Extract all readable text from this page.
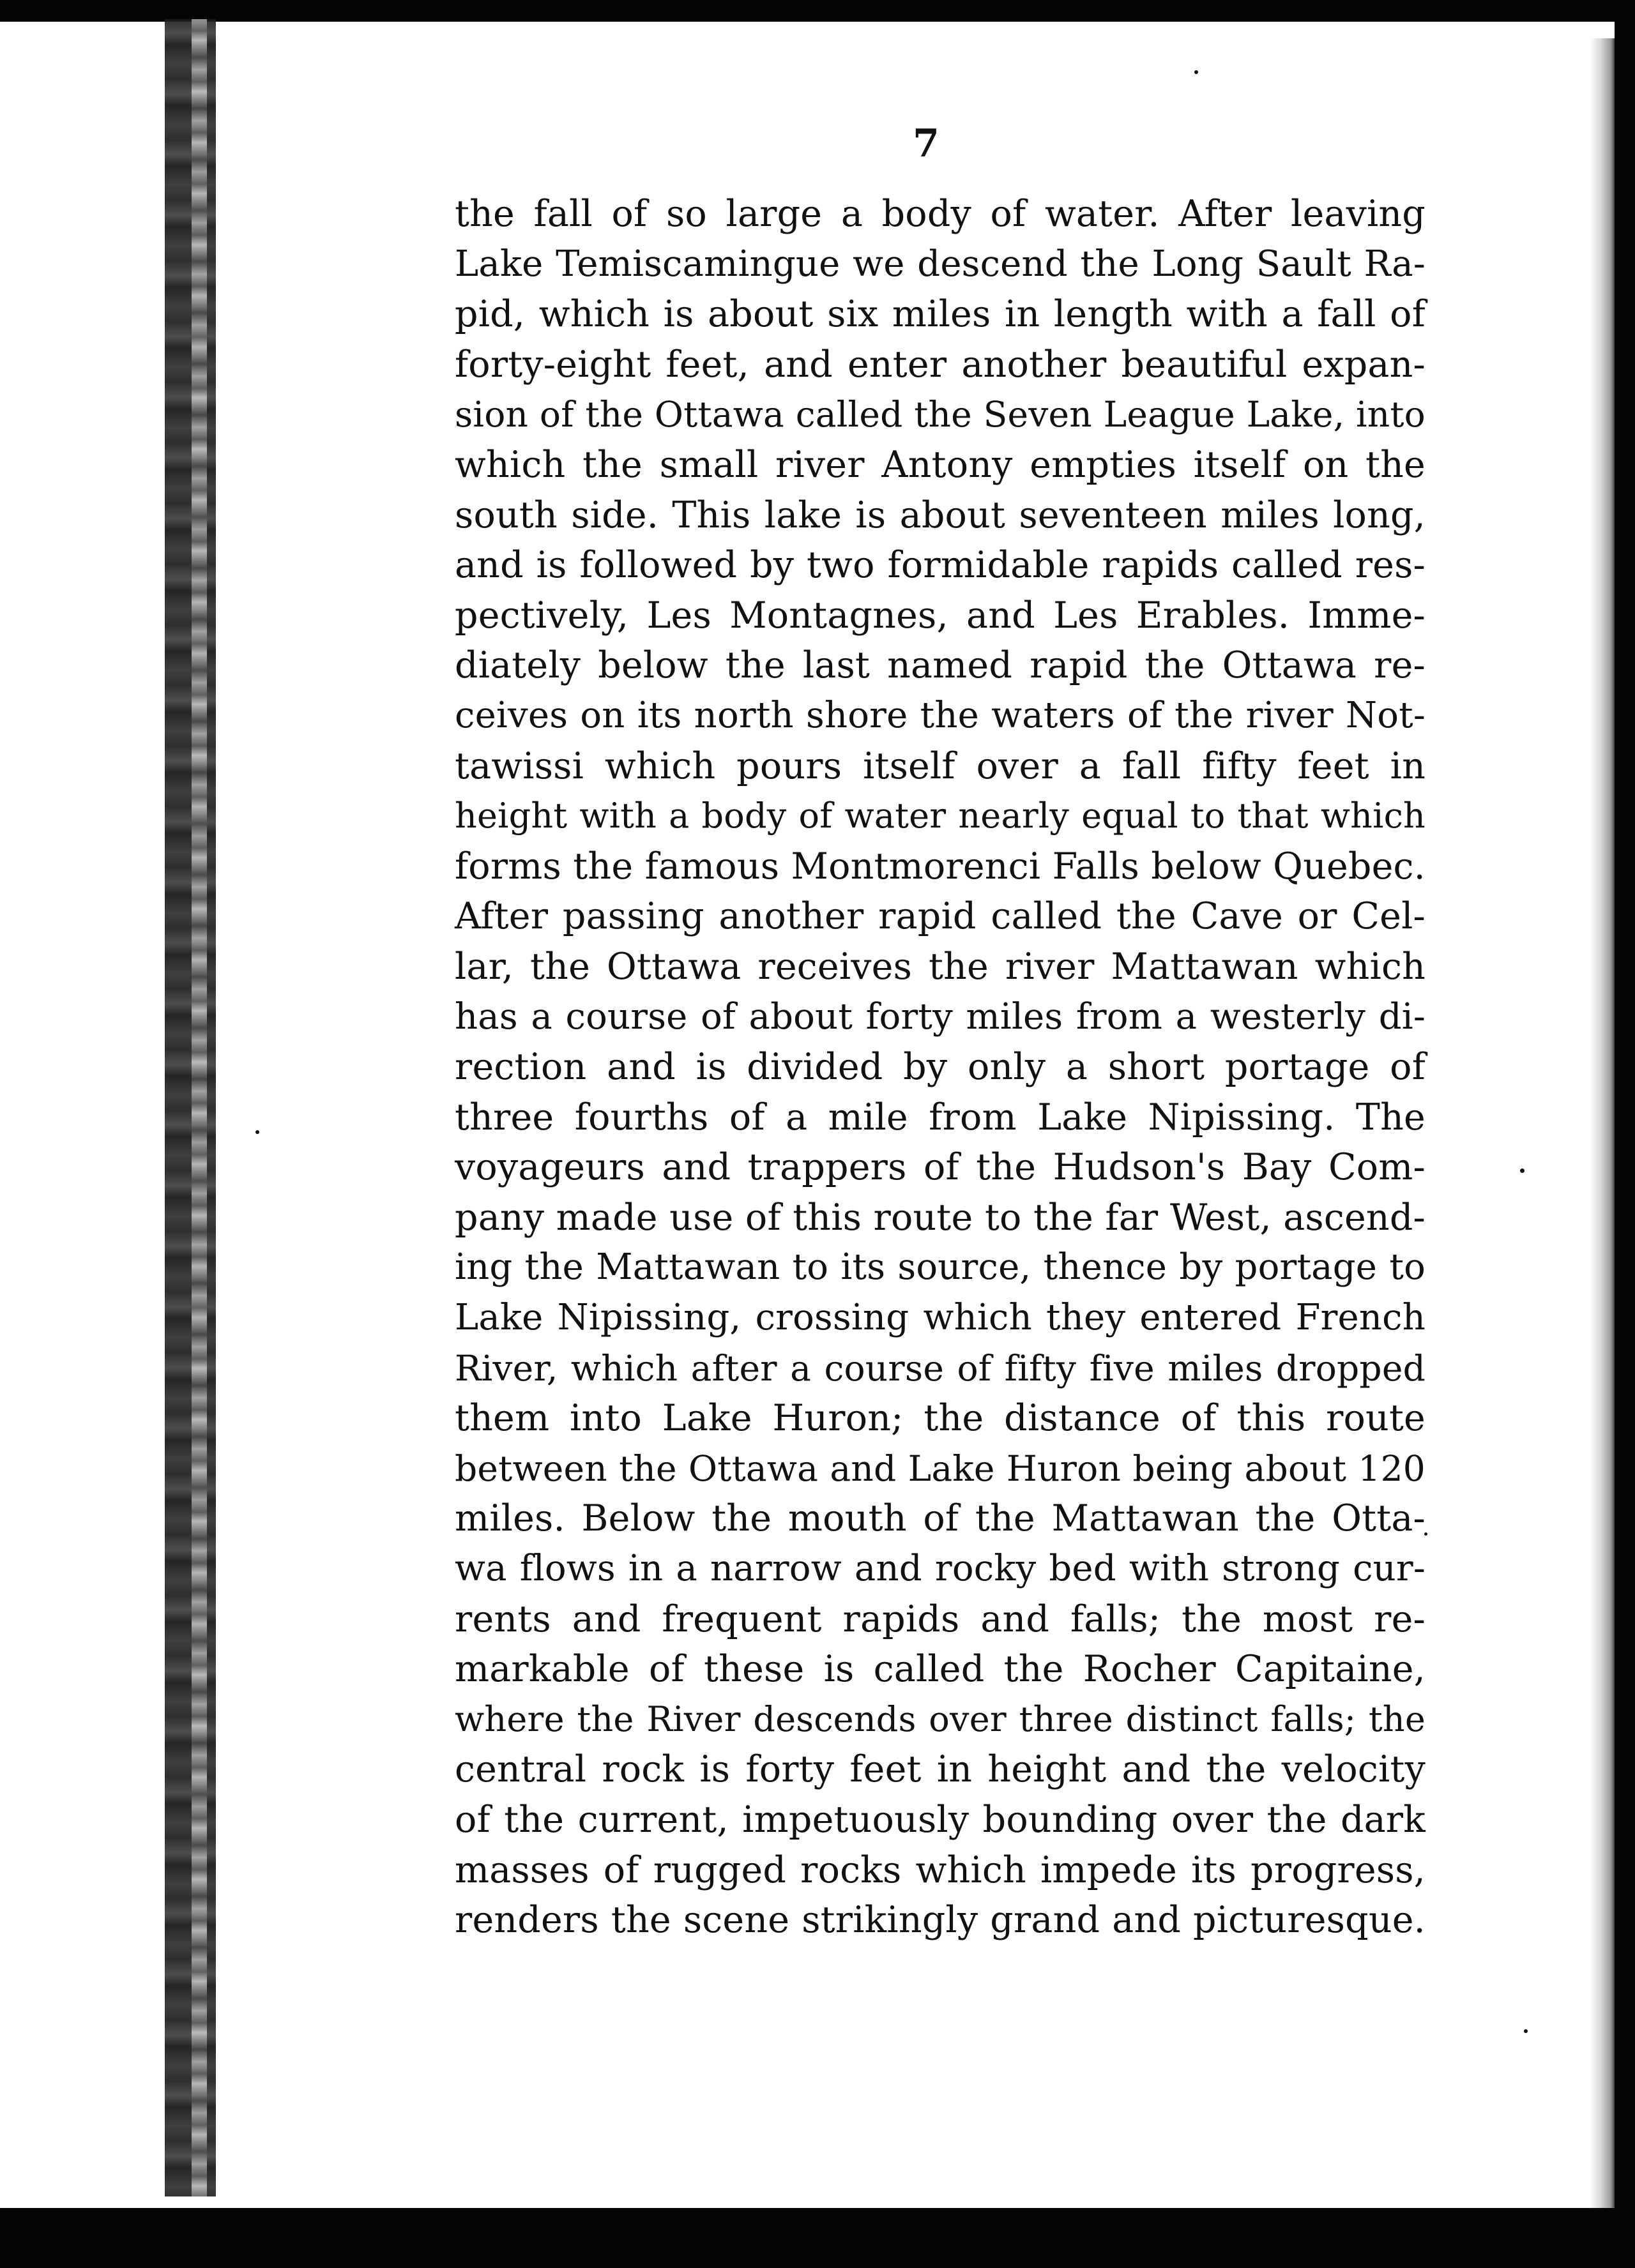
7
the fall of so large a body of water. After leaving
Lake Temiscamingue we descend the Long Sault Ra-
pid, which is about six miles in length with a fall of
forty-eight feet, and enter another beautiful expan-
sion of the Ottawa called the Seven League Lake, into
which the small river Antony empties itself on the
south side. This lake is about seventeen miles long,
and is followed by two formidable rapids called res-
pectively, Les Montagnes, and Les Erables. Imme-
diately below the last named rapid the Ottawa re-
ceives on its north shore the waters of the river Not-
tawissi which pours itself over a fall fifty feet in
height with a body of water nearly equal to that which
forms the famous Montmorenci Falls below Quebec.
After passing another rapid called the Cave or Cel-
lar, the Ottawa receives the river Mattawan which
has a course of about forty miles from a westerly di-
rection and is divided by only a short portage of
three fourths of a mile from Lake Nipissing. The
voyageurs and trappers of the Hudson's Bay Com-
pany made use of this route to the far West, ascend-
ing the Mattawan to its source, thence by portage to
Lake Nipissing, crossing which they entered French
River, which after a course of fifty five miles dropped
them into Lake Huron; the distance of this route
between the Ottawa and Lake Huron being about 120
miles. Below the mouth of the Mattawan the Otta-
wa flows in a narrow and rocky bed with strong cur-
rents and frequent rapids and falls; the most re-
markable of these is called the Rocher Capitaine,
where the River descends over three distinct falls; the
central rock is forty feet in height and the velocity
of the current, impetuously bounding over the dark
masses of rugged rocks which impede its progress,
renders the scene strikingly grand and picturesque.
